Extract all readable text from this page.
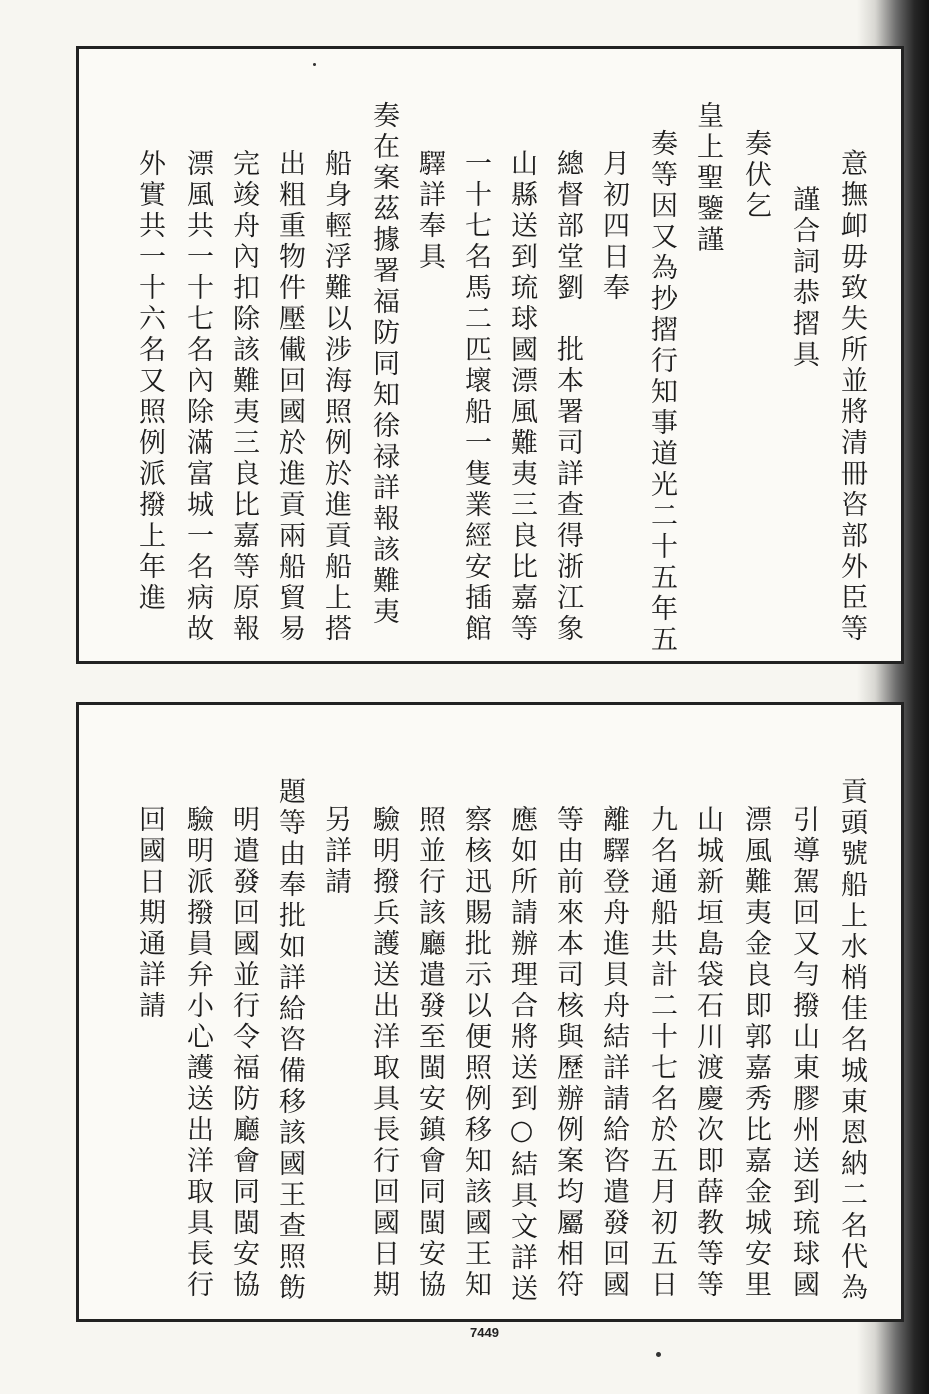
意撫卹毋致失所並將清冊咨部外臣等
謹合詞恭摺具
奏伏乞
皇上聖鑒謹
奏等因又為抄摺行知事道光二十五年五
月初四日奉
總督部堂劉　批本署司詳查得浙江象
山縣送到琉球國漂風難夷三良比嘉等
一十七名馬二匹壞船一隻業經安插館
驛詳奉具
奏在案茲據署福防同知徐禄詳報該難夷
船身輕浮難以涉海照例於進貢船上搭
出粗重物件壓儎回國於進貢兩船貿易
完竣舟內扣除該難夷三良比嘉等原報
漂風共一十七名內除滿富城一名病故
外實共一十六名又照例派撥上年進
貢頭號船上水梢佳名城東恩納二名代為
引導駕回又勻撥山東膠州送到琉球國
漂風難夷金良即郭嘉秀比嘉金城安里
山城新垣島袋石川渡慶次即薛教等等
九名通船共計二十七名於五月初五日
離驛登舟進貝舟結詳請給咨遣發回國
等由前來本司核與歷辦例案均屬相符
應如所請辦理合將送到○結具文詳送
察核迅賜批示以便照例移知該國王知
照並行該廳遣發至閩安鎮會同閩安協
驗明撥兵護送出洋取具長行回國日期
另詳請
題等由奉批如詳給咨備移該國王查照飭
明遣發回國並行令福防廳會同閩安協
驗明派撥員弁小心護送出洋取具長行
回國日期通詳請
7449
